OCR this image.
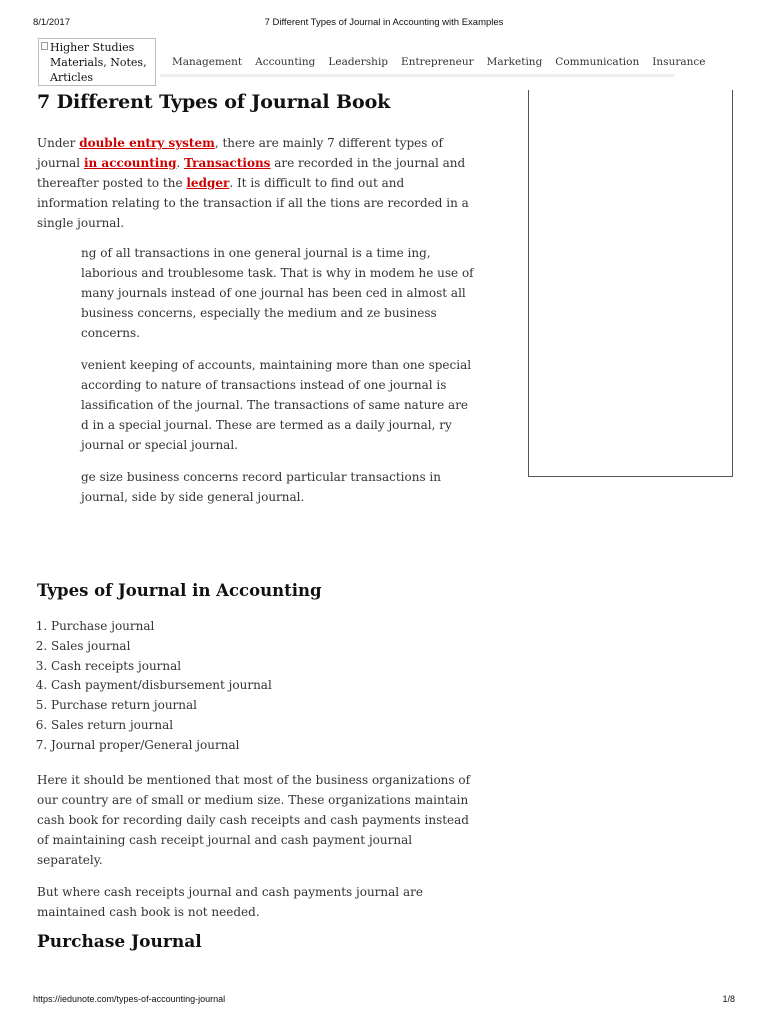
8/1/2017	7 Different Types of Journal in Accounting with Examples
Higher Studies Materials, Notes, Articles
Management	Accounting	Leadership	Entrepreneur	Marketing	Communication	Insurance
7 Different Types of Journal Book

Under double entry system, there are mainly 7 different types of journal in accounting. Transactions are recorded in the journal and thereafter posted to the ledger. It is difficult to find out and information relating to the transaction if all the tions are recorded in a single journal.

ng of all transactions in one general journal is a time ing, laborious and troublesome task. That is why in modem he use of many journals instead of one journal has been ced in almost all business concerns, especially the medium and ze business concerns.

venient keeping of accounts, maintaining more than one special according to nature of transactions instead of one journal is lassification of the journal. The transactions of same nature are d in a special journal. These are termed as a daily journal, ry journal or special journal.

ge size business concerns record particular transactions in journal, side by side general journal.

Types of Journal in Accounting
1. Purchase journal
2. Sales journal
3. Cash receipts journal
4. Cash payment/disbursement journal
5. Purchase return journal
6. Sales return journal
7. Journal proper/General journal

Here it should be mentioned that most of the business organizations of our country are of small or medium size. These organizations maintain cash book for recording daily cash receipts and cash payments instead of maintaining cash receipt journal and cash payment journal separately.

But where cash receipts journal and cash payments journal are maintained cash book is not needed.

Purchase Journal
https://iedunote.com/types-of-accounting-journal	1/8
